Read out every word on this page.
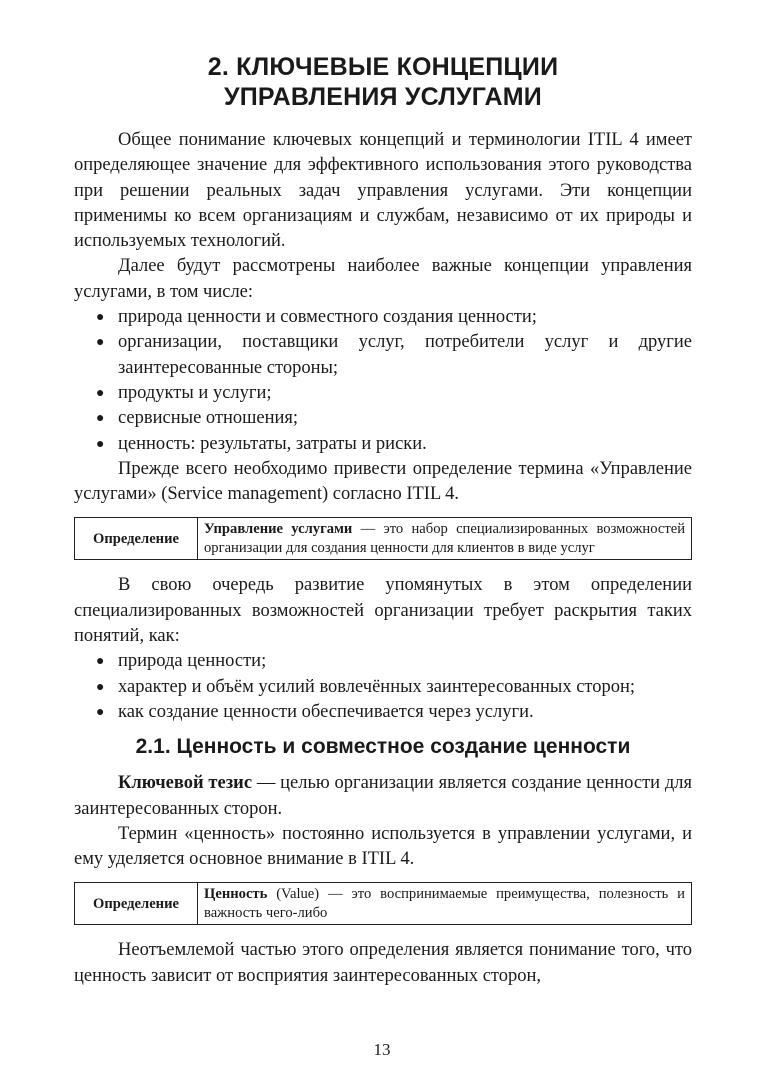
2. КЛЮЧЕВЫЕ КОНЦЕПЦИИ
УПРАВЛЕНИЯ УСЛУГАМИ

Общее понимание ключевых концепций и терминологии ITIL 4 имеет определяющее значение для эффективного использования этого руководства при решении реальных задач управления услугами. Эти концепции применимы ко всем организациям и службам, независимо от их природы и используемых технологий.

Далее будут рассмотрены наиболее важные концепции управления услугами, в том числе:

● природа ценности и совместного создания ценности;
● организации, поставщики услуг, потребители услуг и другие заинтересованные стороны;
● продукты и услуги;
● сервисные отношения;
● ценность: результаты, затраты и риски.

Прежде всего необходимо привести определение термина «Управление услугами» (Service management) согласно ITIL 4.

Определение	Управление услугами — это набор специализированных возможностей организации для создания ценности для клиентов в виде услуг

В свою очередь развитие упомянутых в этом определении специализированных возможностей организации требует раскрытия таких понятий, как:

● природа ценности;
● характер и объём усилий вовлечённых заинтересованных сторон;
● как создание ценности обеспечивается через услуги.
2.1. Ценность и совместное создание ценности

Ключевой тезис — целью организации является создание ценности для заинтересованных сторон.

Термин «ценность» постоянно используется в управлении услугами, и ему уделяется основное внимание в ITIL 4.

Определение	Ценность (Value) — это воспринимаемые преимущества, полезность и важность чего-либо

Неотъемлемой частью этого определения является понимание того, что ценность зависит от восприятия заинтересованных сторон,

13
